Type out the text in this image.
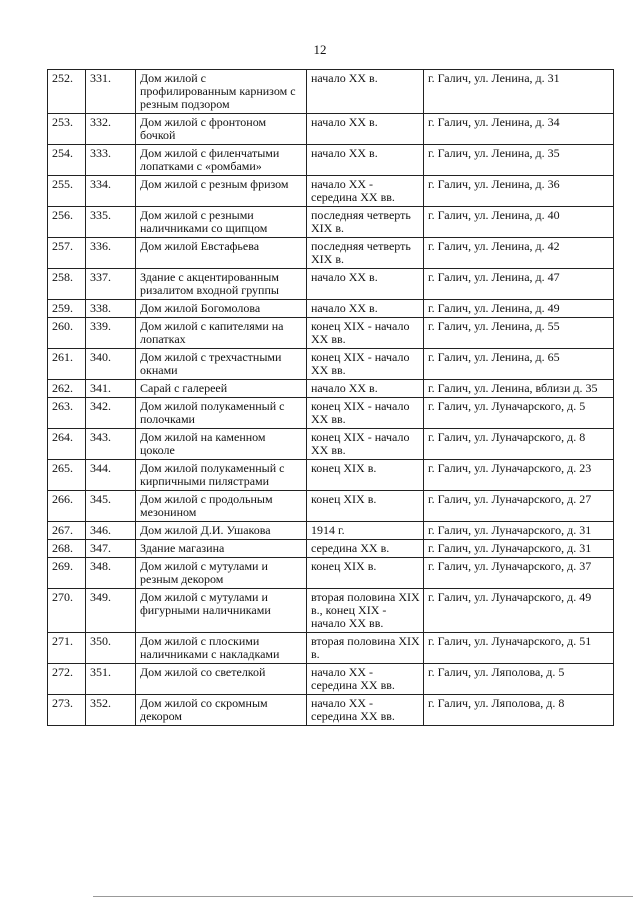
12
252.	331.	Дом жилой с профилированным карнизом с резным подзором	начало XX в.	г. Галич, ул. Ленина, д. 31
253.	332.	Дом жилой с фронтоном бочкой	начало XX в.	г. Галич, ул. Ленина, д. 34
254.	333.	Дом жилой с филенчатыми лопатками с «ромбами»	начало XX в.	г. Галич, ул. Ленина, д. 35
255.	334.	Дом жилой с резным фризом	начало XX - середина XX вв.	г. Галич, ул. Ленина, д. 36
256.	335.	Дом жилой с резными наличниками со щипцом	последняя четверть XIX в.	г. Галич, ул. Ленина, д. 40
257.	336.	Дом жилой Евстафьева	последняя четверть XIX в.	г. Галич, ул. Ленина, д. 42
258.	337.	Здание с акцентированным ризалитом входной группы	начало XX в.	г. Галич, ул. Ленина, д. 47
259.	338.	Дом жилой Богомолова	начало XX в.	г. Галич, ул. Ленина, д. 49
260.	339.	Дом жилой с капителями на лопатках	конец XIX - начало XX вв.	г. Галич, ул. Ленина, д. 55
261.	340.	Дом жилой с трехчастными окнами	конец XIX - начало XX вв.	г. Галич, ул. Ленина, д. 65
262.	341.	Сарай с галереей	начало XX в.	г. Галич, ул. Ленина, вблизи д. 35
263.	342.	Дом жилой полукаменный с полочками	конец XIX - начало XX вв.	г. Галич, ул. Луначарского, д. 5
264.	343.	Дом жилой на каменном цоколе	конец XIX - начало XX вв.	г. Галич, ул. Луначарского, д. 8
265.	344.	Дом жилой полукаменный с кирпичными пилястрами	конец XIX в.	г. Галич, ул. Луначарского, д. 23
266.	345.	Дом жилой с продольным мезонином	конец XIX в.	г. Галич, ул. Луначарского, д. 27
267.	346.	Дом жилой Д.И. Ушакова	1914 г.	г. Галич, ул. Луначарского, д. 31
268.	347.	Здание магазина	середина XX в.	г. Галич, ул. Луначарского, д. 31
269.	348.	Дом жилой с мутулами и резным декором	конец XIX в.	г. Галич, ул. Луначарского, д. 37
270.	349.	Дом жилой с мутулами и фигурными наличниками	вторая половина XIX в., конец XIX - начало XX вв.	г. Галич, ул. Луначарского, д. 49
271.	350.	Дом жилой с плоскими наличниками с накладками	вторая половина XIX в.	г. Галич, ул. Луначарского, д. 51
272.	351.	Дом жилой со светелкой	начало XX - середина XX вв.	г. Галич, ул. Ляполова, д. 5
273.	352.	Дом жилой со скромным декором	начало XX - середина XX вв.	г. Галич, ул. Ляполова, д. 8
